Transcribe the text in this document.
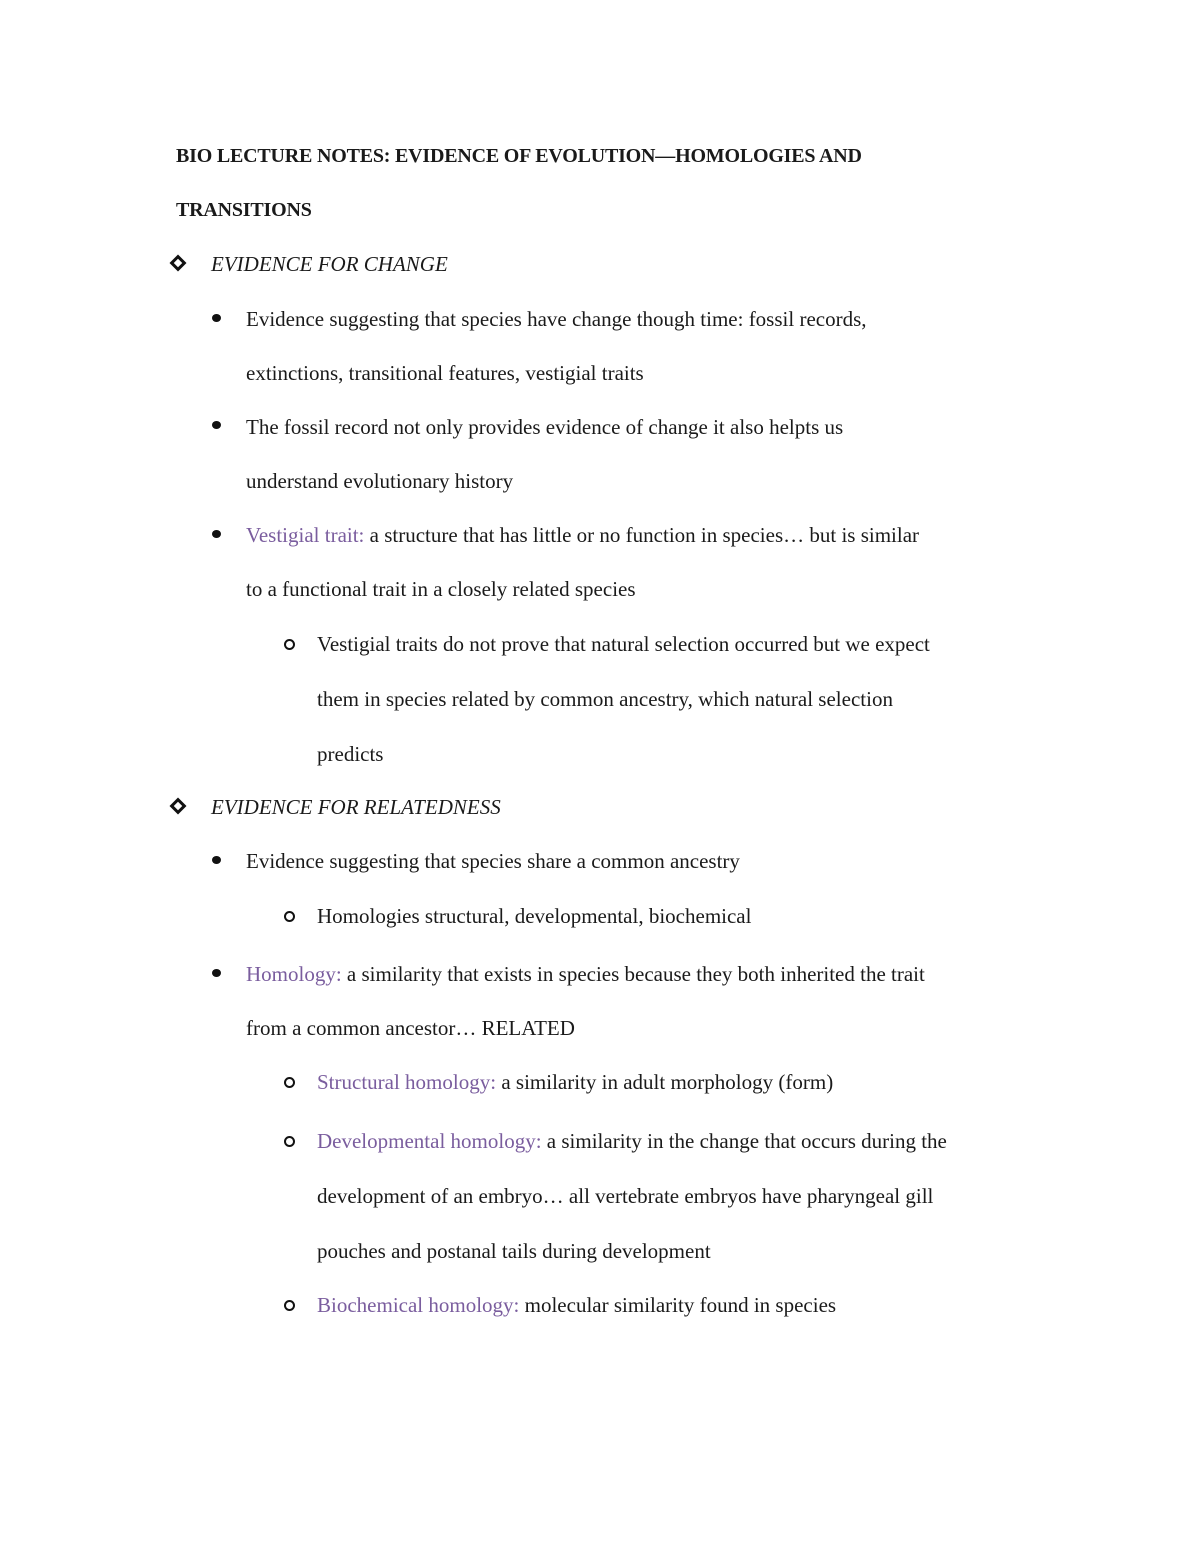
BIO LECTURE NOTES: EVIDENCE OF EVOLUTION—HOMOLOGIES AND
TRANSITIONS
EVIDENCE FOR CHANGE
Evidence suggesting that species have change though time: fossil records,
extinctions, transitional features, vestigial traits
The fossil record not only provides evidence of change it also helpts us
understand evolutionary history
Vestigial trait: a structure that has little or no function in species… but is similar
to a functional trait in a closely related species
Vestigial traits do not prove that natural selection occurred but we expect
them in species related by common ancestry, which natural selection
predicts
EVIDENCE FOR RELATEDNESS
Evidence suggesting that species share a common ancestry
Homologies structural, developmental, biochemical
Homology: a similarity that exists in species because they both inherited the trait
from a common ancestor… RELATED
Structural homology: a similarity in adult morphology (form)
Developmental homology: a similarity in the change that occurs during the
development of an embryo… all vertebrate embryos have pharyngeal gill
pouches and postanal tails during development
Biochemical homology: molecular similarity found in species
